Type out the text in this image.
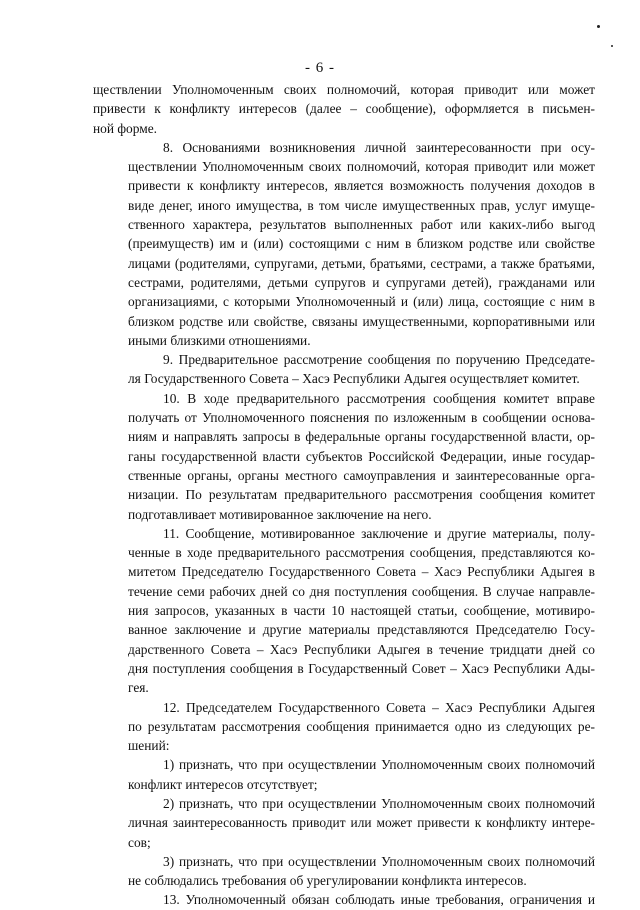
- 6 -
ществлении Уполномоченным своих полномочий, которая приводит или может
привести к конфликту интересов (далее – сообщение), оформляется в письмен-
ной форме.
8. Основаниями возникновения личной заинтересованности при осу-
ществлении Уполномоченным своих полномочий, которая приводит или может
привести к конфликту интересов, является возможность получения доходов в
виде денег, иного имущества, в том числе имущественных прав, услуг имуще-
ственного характера, результатов выполненных работ или каких-либо выгод
(преимуществ) им и (или) состоящими с ним в близком родстве или свойстве
лицами (родителями, супругами, детьми, братьями, сестрами, а также братьями,
сестрами, родителями, детьми супругов и супругами детей), гражданами или
организациями, с которыми Уполномоченный и (или) лица, состоящие с ним в
близком родстве или свойстве, связаны имущественными, корпоративными или
иными близкими отношениями.
9. Предварительное рассмотрение сообщения по поручению Председате-
ля Государственного Совета – Хасэ Республики Адыгея осуществляет комитет.
10. В ходе предварительного рассмотрения сообщения комитет вправе
получать от Уполномоченного пояснения по изложенным в сообщении основа-
ниям и направлять запросы в федеральные органы государственной власти, ор-
ганы государственной власти субъектов Российской Федерации, иные государ-
ственные органы, органы местного самоуправления и заинтересованные орга-
низации. По результатам предварительного рассмотрения сообщения комитет
подготавливает мотивированное заключение на него.
11. Сообщение, мотивированное заключение и другие материалы, полу-
ченные в ходе предварительного рассмотрения сообщения, представляются ко-
митетом Председателю Государственного Совета – Хасэ Республики Адыгея в
течение семи рабочих дней со дня поступления сообщения. В случае направле-
ния запросов, указанных в части 10 настоящей статьи, сообщение, мотивиро-
ванное заключение и другие материалы представляются Председателю Госу-
дарственного Совета – Хасэ Республики Адыгея в течение тридцати дней со
дня поступления сообщения в Государственный Совет – Хасэ Республики Ады-
гея.
12. Председателем Государственного Совета – Хасэ Республики Адыгея
по результатам рассмотрения сообщения принимается одно из следующих ре-
шений:
1) признать, что при осуществлении Уполномоченным своих полномочий
конфликт интересов отсутствует;
2) признать, что при осуществлении Уполномоченным своих полномочий
личная заинтересованность приводит или может привести к конфликту интере-
сов;
3) признать, что при осуществлении Уполномоченным своих полномочий
не соблюдались требования об урегулировании конфликта интересов.
13. Уполномоченный обязан соблюдать иные требования, ограничения и
